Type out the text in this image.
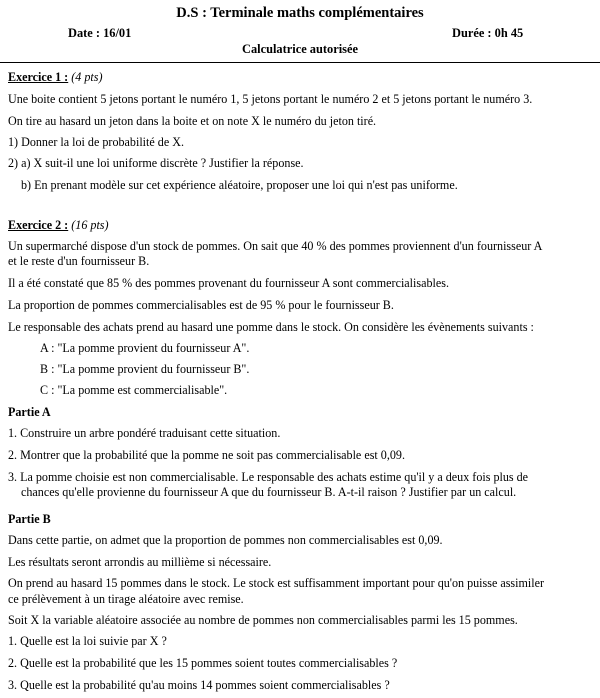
D.S : Terminale maths complémentaires
Date : 16/01	Durée : 0h 45
Calculatrice autorisée
Exercice 1 : (4 pts)
Une boite contient 5 jetons portant le numéro 1, 5 jetons portant le numéro 2 et 5 jetons portant le numéro 3.
On tire au hasard un jeton dans la boite et on note X le numéro du jeton tiré.
1) Donner la loi de probabilité de X.
2) a) X suit-il une loi uniforme discrète ? Justifier la réponse.
b) En prenant modèle sur cet expérience aléatoire, proposer une loi qui n'est pas uniforme.
Exercice 2 : (16 pts)
Un supermarché dispose d'un stock de pommes. On sait que 40 % des pommes proviennent d'un fournisseur A
et le reste d'un fournisseur B.
Il a été constaté que 85 % des pommes provenant du fournisseur A sont commercialisables.
La proportion de pommes commercialisables est de 95 % pour le fournisseur B.
Le responsable des achats prend au hasard une pomme dans le stock. On considère les évènements suivants :
A : "La pomme provient du fournisseur A".
B : "La pomme provient du fournisseur B".
C : "La pomme est commercialisable".
Partie A
1. Construire un arbre pondéré traduisant cette situation.
2. Montrer que la probabilité que la pomme ne soit pas commercialisable est 0,09.
3. La pomme choisie est non commercialisable. Le responsable des achats estime qu'il y a deux fois plus de
chances qu'elle provienne du fournisseur A que du fournisseur B. A-t-il raison ? Justifier par un calcul.
Partie B
Dans cette partie, on admet que la proportion de pommes non commercialisables est 0,09.
Les résultats seront arrondis au millième si nécessaire.
On prend au hasard 15 pommes dans le stock. Le stock est suffisamment important pour qu'on puisse assimiler
ce prélèvement à un tirage aléatoire avec remise.
Soit X la variable aléatoire associée au nombre de pommes non commercialisables parmi les 15 pommes.
1. Quelle est la loi suivie par X ?
2. Quelle est la probabilité que les 15 pommes soient toutes commercialisables ?
3. Quelle est la probabilité qu'au moins 14 pommes soient commercialisables ?
